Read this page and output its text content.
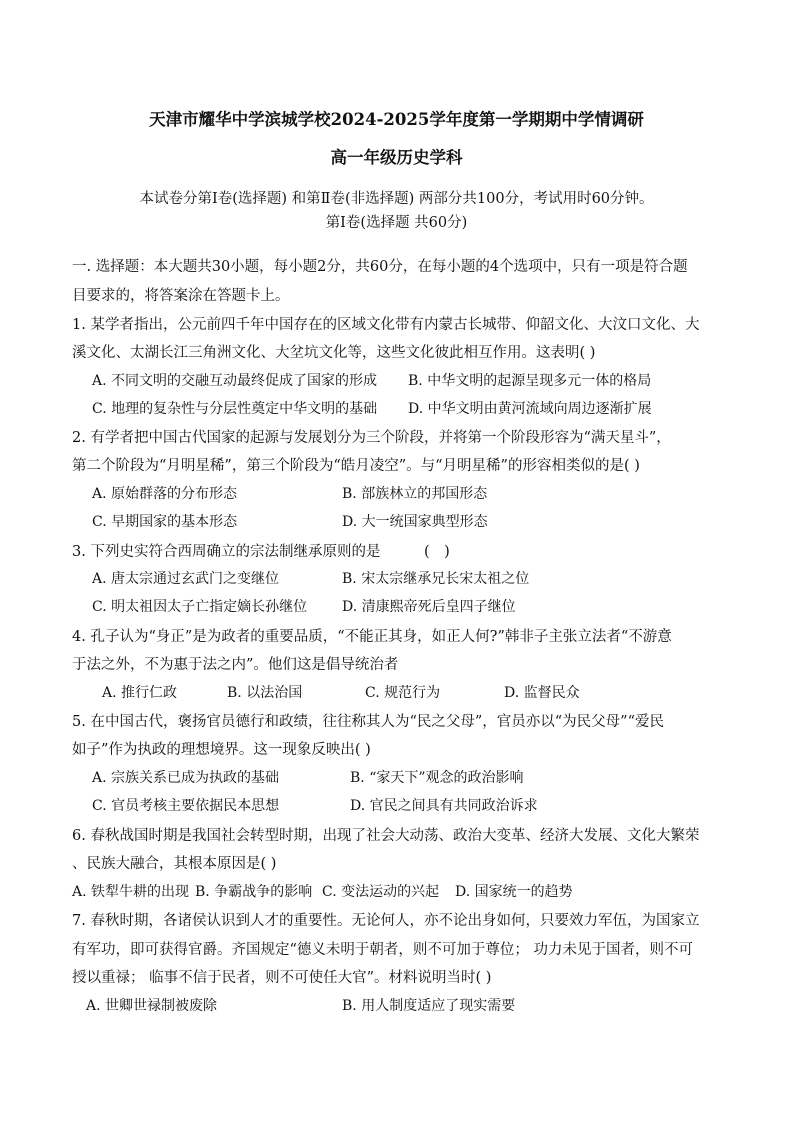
天津市耀华中学滨城学校2024-2025学年度第一学期期中学情调研
高一年级历史学科
本试卷分第Ⅰ卷(选择题) 和第Ⅱ卷(非选择题) 两部分共100分，考试用时60分钟。
第Ⅰ卷(选择题 共60分)
一. 选择题：本大题共30小题，每小题2分，共60分，在每小题的4个选项中，只有一项是符合题
目要求的，将答案涂在答题卡上。
1. 某学者指出，公元前四千年中国存在的区域文化带有内蒙古长城带、仰韶文化、大汶口文化、大
溪文化、太湖长江三角洲文化、大坌坑文化等，这些文化彼此相互作用。这表明( )
A. 不同文明的交融互动最终促成了国家的形成 B. 中华文明的起源呈现多元一体的格局
C. 地理的复杂性与分层性奠定中华文明的基础 D. 中华文明由黄河流域向周边逐渐扩展
2. 有学者把中国古代国家的起源与发展划分为三个阶段，并将第一个阶段形容为“满天星斗”，
第二个阶段为“月明星稀”，第三个阶段为“皓月凌空”。与“月明星稀”的形容相类似的是( )
A. 原始群落的分布形态	B. 部族林立的邦国形态
C. 早期国家的基本形态	D. 大一统国家典型形态
3. 下列史实符合西周确立的宗法制继承原则的是　　　(　)
A. 唐太宗通过玄武门之变继位	B. 宋太宗继承兄长宋太祖之位
C. 明太祖因太子亡指定嫡长孙继位 D. 清康熙帝死后皇四子继位
4. 孔子认为“身正”是为政者的重要品质，“不能正其身，如正人何?”韩非子主张立法者“不游意
于法之外，不为惠于法之内”。他们这是倡导统治者
A. 推行仁政	B. 以法治国	C. 规范行为	D. 监督民众
5. 在中国古代，褒扬官员德行和政绩，往往称其人为“民之父母”，官员亦以“为民父母”“爱民
如子”作为执政的理想境界。这一现象反映出( )
A. 宗族关系已成为执政的基础	B. “家天下”观念的政治影响
C. 官员考核主要依据民本思想	D. 官民之间具有共同政治诉求
6. 春秋战国时期是我国社会转型时期，出现了社会大动荡、政治大变革、经济大发展、文化大繁荣
、民族大融合，其根本原因是( )
A. 铁犁牛耕的出现 B. 争霸战争的影响 C. 变法运动的兴起 D. 国家统一的趋势
7. 春秋时期，各诸侯认识到人才的重要性。无论何人，亦不论出身如何，只要效力军伍，为国家立
有军功，即可获得官爵。齐国规定“德义未明于朝者，则不可加于尊位； 功力未见于国者，则不可
授以重禄； 临事不信于民者，则不可使任大官”。材料说明当时( )
A. 世卿世禄制被废除	B. 用人制度适应了现实需要
